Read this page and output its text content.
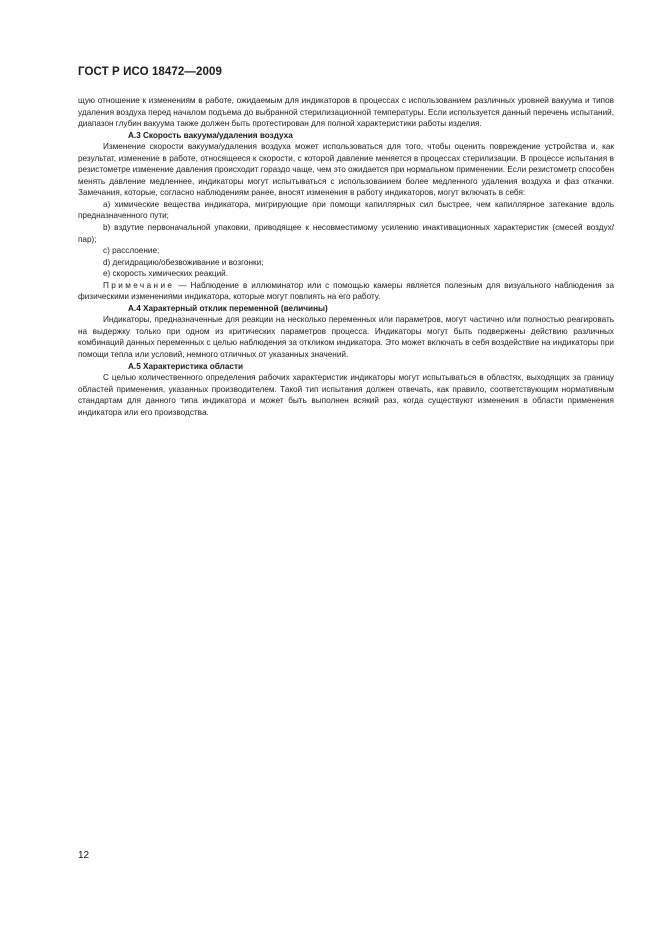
ГОСТ Р ИСО 18472—2009

щую отношение к изменениям в работе, ожидаемым для индикаторов в процессах с использованием различных уровней вакуума и типов удаления воздуха перед началом подъема до выбранной стерилизационной температуры. Если используется данный перечень испытаний, диапазон глубин вакуума также должен быть протестирован для полной характеристики работы изделия.

А.3 Скорость вакуума/удаления воздуха

Изменение скорости вакуума/удаления воздуха может использоваться для того, чтобы оценить повреждение устройства и, как результат, изменение в работе, относящееся к скорости, с которой давление меняется в процессах стерилизации. В процессе испытания в резистометре изменение давления происходит гораздо чаще, чем это ожидается при нормальном применении. Если резистометр способен менять давление медленнее, индикаторы могут испытываться с использованием более медленного удаления воздуха и фаз откачки. Замечания, которые, согласно наблюдениям ранее, вносят изменения в работу индикаторов, могут включать в себя:

a) химические вещества индикатора, мигрирующие при помощи капиллярных сил быстрее, чем капиллярное затекание вдоль предназначенного пути;

b) вздутие первоначальной упаковки, приводящее к несовместимому усилению инактивационных характеристик (смесей воздух/пар);

c) расслоение;

d) дегидрацию/обезвоживание и возгонки;

e) скорость химических реакций.

Примечание — Наблюдение в иллюминатор или с помощью камеры является полезным для визуального наблюдения за физическими изменениями индикатора, которые могут повлиять на его работу.

А.4 Характерный отклик переменной (величины)

Индикаторы, предназначенные для реакции на несколько переменных или параметров, могут частично или полностью реагировать на выдержку только при одном из критических параметров процесса. Индикаторы могут быть подвержены действию различных комбинаций данных переменных с целью наблюдения за откликом индикатора. Это может включать в себя воздействие на индикаторы при помощи тепла или условий, немного отличных от указанных значений.

А.5 Характеристика области

С целью количественного определения рабочих характеристик индикаторы могут испытываться в областях, выходящих за границу областей применения, указанных производителем. Такой тип испытания должен отвечать, как правило, соответствующим нормативным стандартам для данного типа индикатора и может быть выполнен всякий раз, когда существуют изменения в области применения индикатора или его производства.

12
